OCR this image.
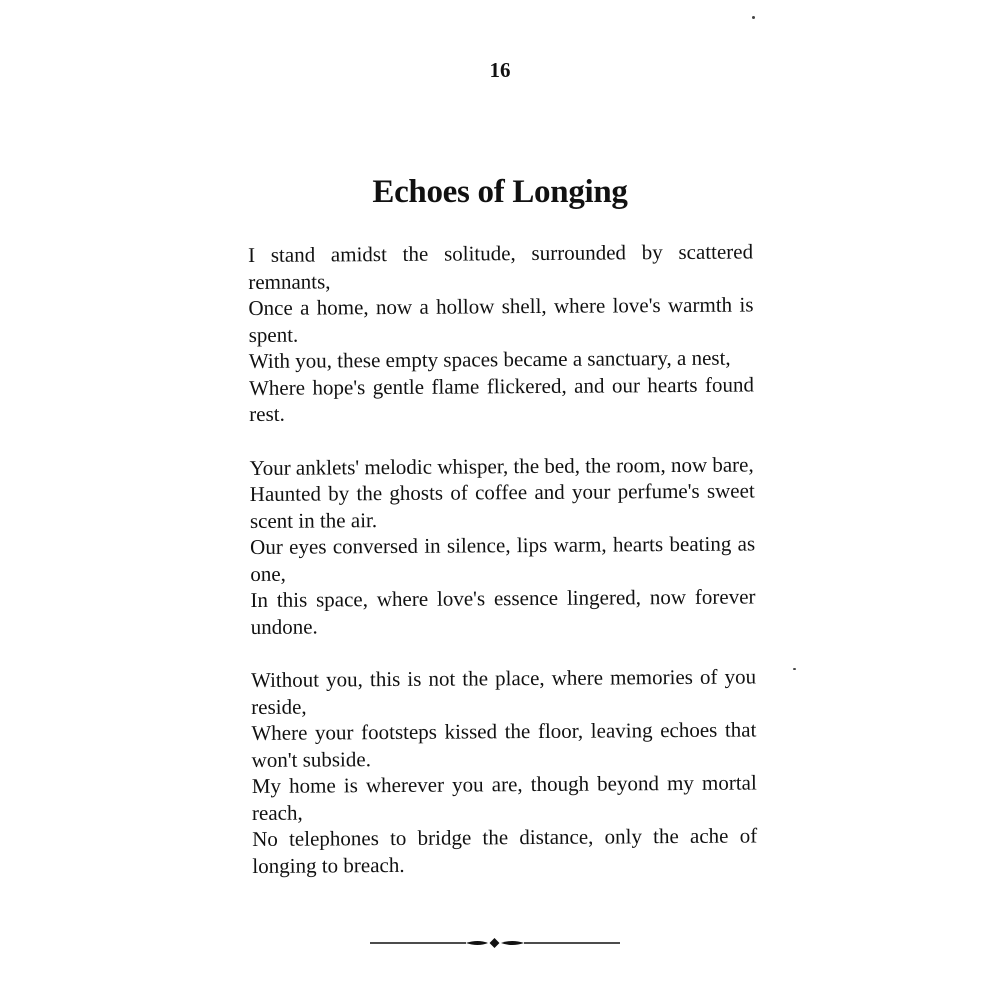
16
Echoes of Longing
I stand amidst the solitude, surrounded by scattered remnants,
Once a home, now a hollow shell, where love's warmth is spent.
With you, these empty spaces became a sanctuary, a nest,
Where hope's gentle flame flickered, and our hearts found rest.
Your anklets' melodic whisper, the bed, the room, now bare,
Haunted by the ghosts of coffee and your perfume's sweet scent in the air.
Our eyes conversed in silence, lips warm, hearts beating as one,
In this space, where love's essence lingered, now forever undone.
Without you, this is not the place, where memories of you reside,
Where your footsteps kissed the floor, leaving echoes that won't subside.
My home is wherever you are, though beyond my mortal reach,
No telephones to bridge the distance, only the ache of longing to breach.
